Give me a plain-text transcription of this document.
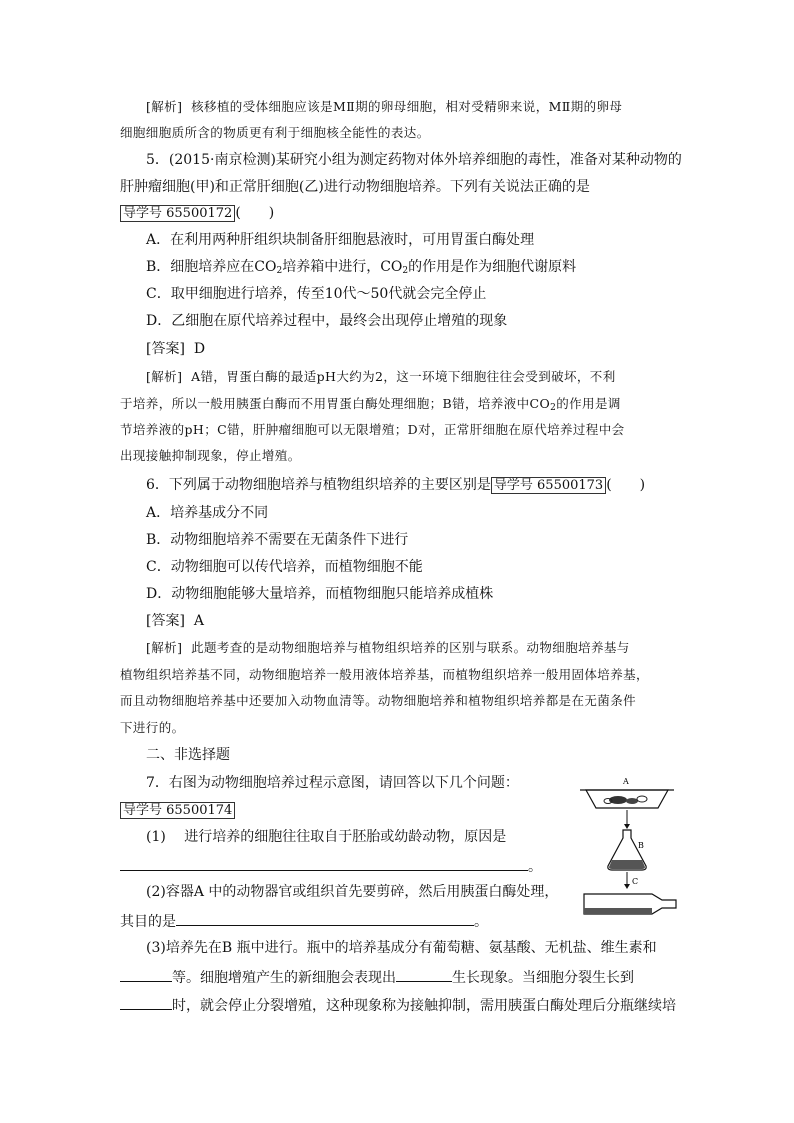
[解析] 核移植的受体细胞应该是MⅡ期的卵母细胞，相对受精卵来说，MⅡ期的卵母
细胞细胞质所含的物质更有利于细胞核全能性的表达。
5．(2015·南京检测)某研究小组为测定药物对体外培养细胞的毒性，准备对某种动物的
肝肿瘤细胞(甲)和正常肝细胞(乙)进行动物细胞培养。下列有关说法正确的是
导学号 65500172 (　　)
A．在利用两种肝组织块制备肝细胞悬液时，可用胃蛋白酶处理
B．细胞培养应在$CO_2$培养箱中进行，$CO_2$的作用是作为细胞代谢原料
C．取甲细胞进行培养，传至10代～50代就会完全停止
D．乙细胞在原代培养过程中，最终会出现停止增殖的现象
[答案] D
[解析] A错，胃蛋白酶的最适pH大约为2，这一环境下细胞往往会受到破坏，不利
于培养，所以一般用胰蛋白酶而不用胃蛋白酶处理细胞；B错，培养液中$CO_2$的作用是调
节培养液的pH；C错，肝肿瘤细胞可以无限增殖；D对，正常肝细胞在原代培养过程中会
出现接触抑制现象，停止增殖。
6．下列属于动物细胞培养与植物组织培养的主要区别是 导学号 65500173 (　　)
A．培养基成分不同
B．动物细胞培养不需要在无菌条件下进行
C．动物细胞可以传代培养，而植物细胞不能
D．动物细胞能够大量培养，而植物细胞只能培养成植株
[答案] A
[解析] 此题考查的是动物细胞培养与植物组织培养的区别与联系。动物细胞培养基与
植物组织培养基不同，动物细胞培养一般用液体培养基，而植物组织培养一般用固体培养基，
而且动物细胞培养基中还要加入动物血清等。动物细胞培养和植物组织培养都是在无菌条件
下进行的。
二、非选择题
7．右图为动物细胞培养过程示意图，请回答以下几个问题：
导学号 65500174
(1)　 进行培养的细胞往往取自于胚胎或幼龄动物，原因是
。
(2)容器A 中的动物器官或组织首先要剪碎，然后用胰蛋白酶处理，
其目的是	。
(3)培养先在B 瓶中进行。瓶中的培养基成分有葡萄糖、氨基酸、无机盐、维生素和
等。细胞增殖产生的新细胞会表现出	生长现象。当细胞分裂生长到
时，就会停止分裂增殖，这种现象称为接触抑制，需用胰蛋白酶处理后分瓶继续培
A
B
C
